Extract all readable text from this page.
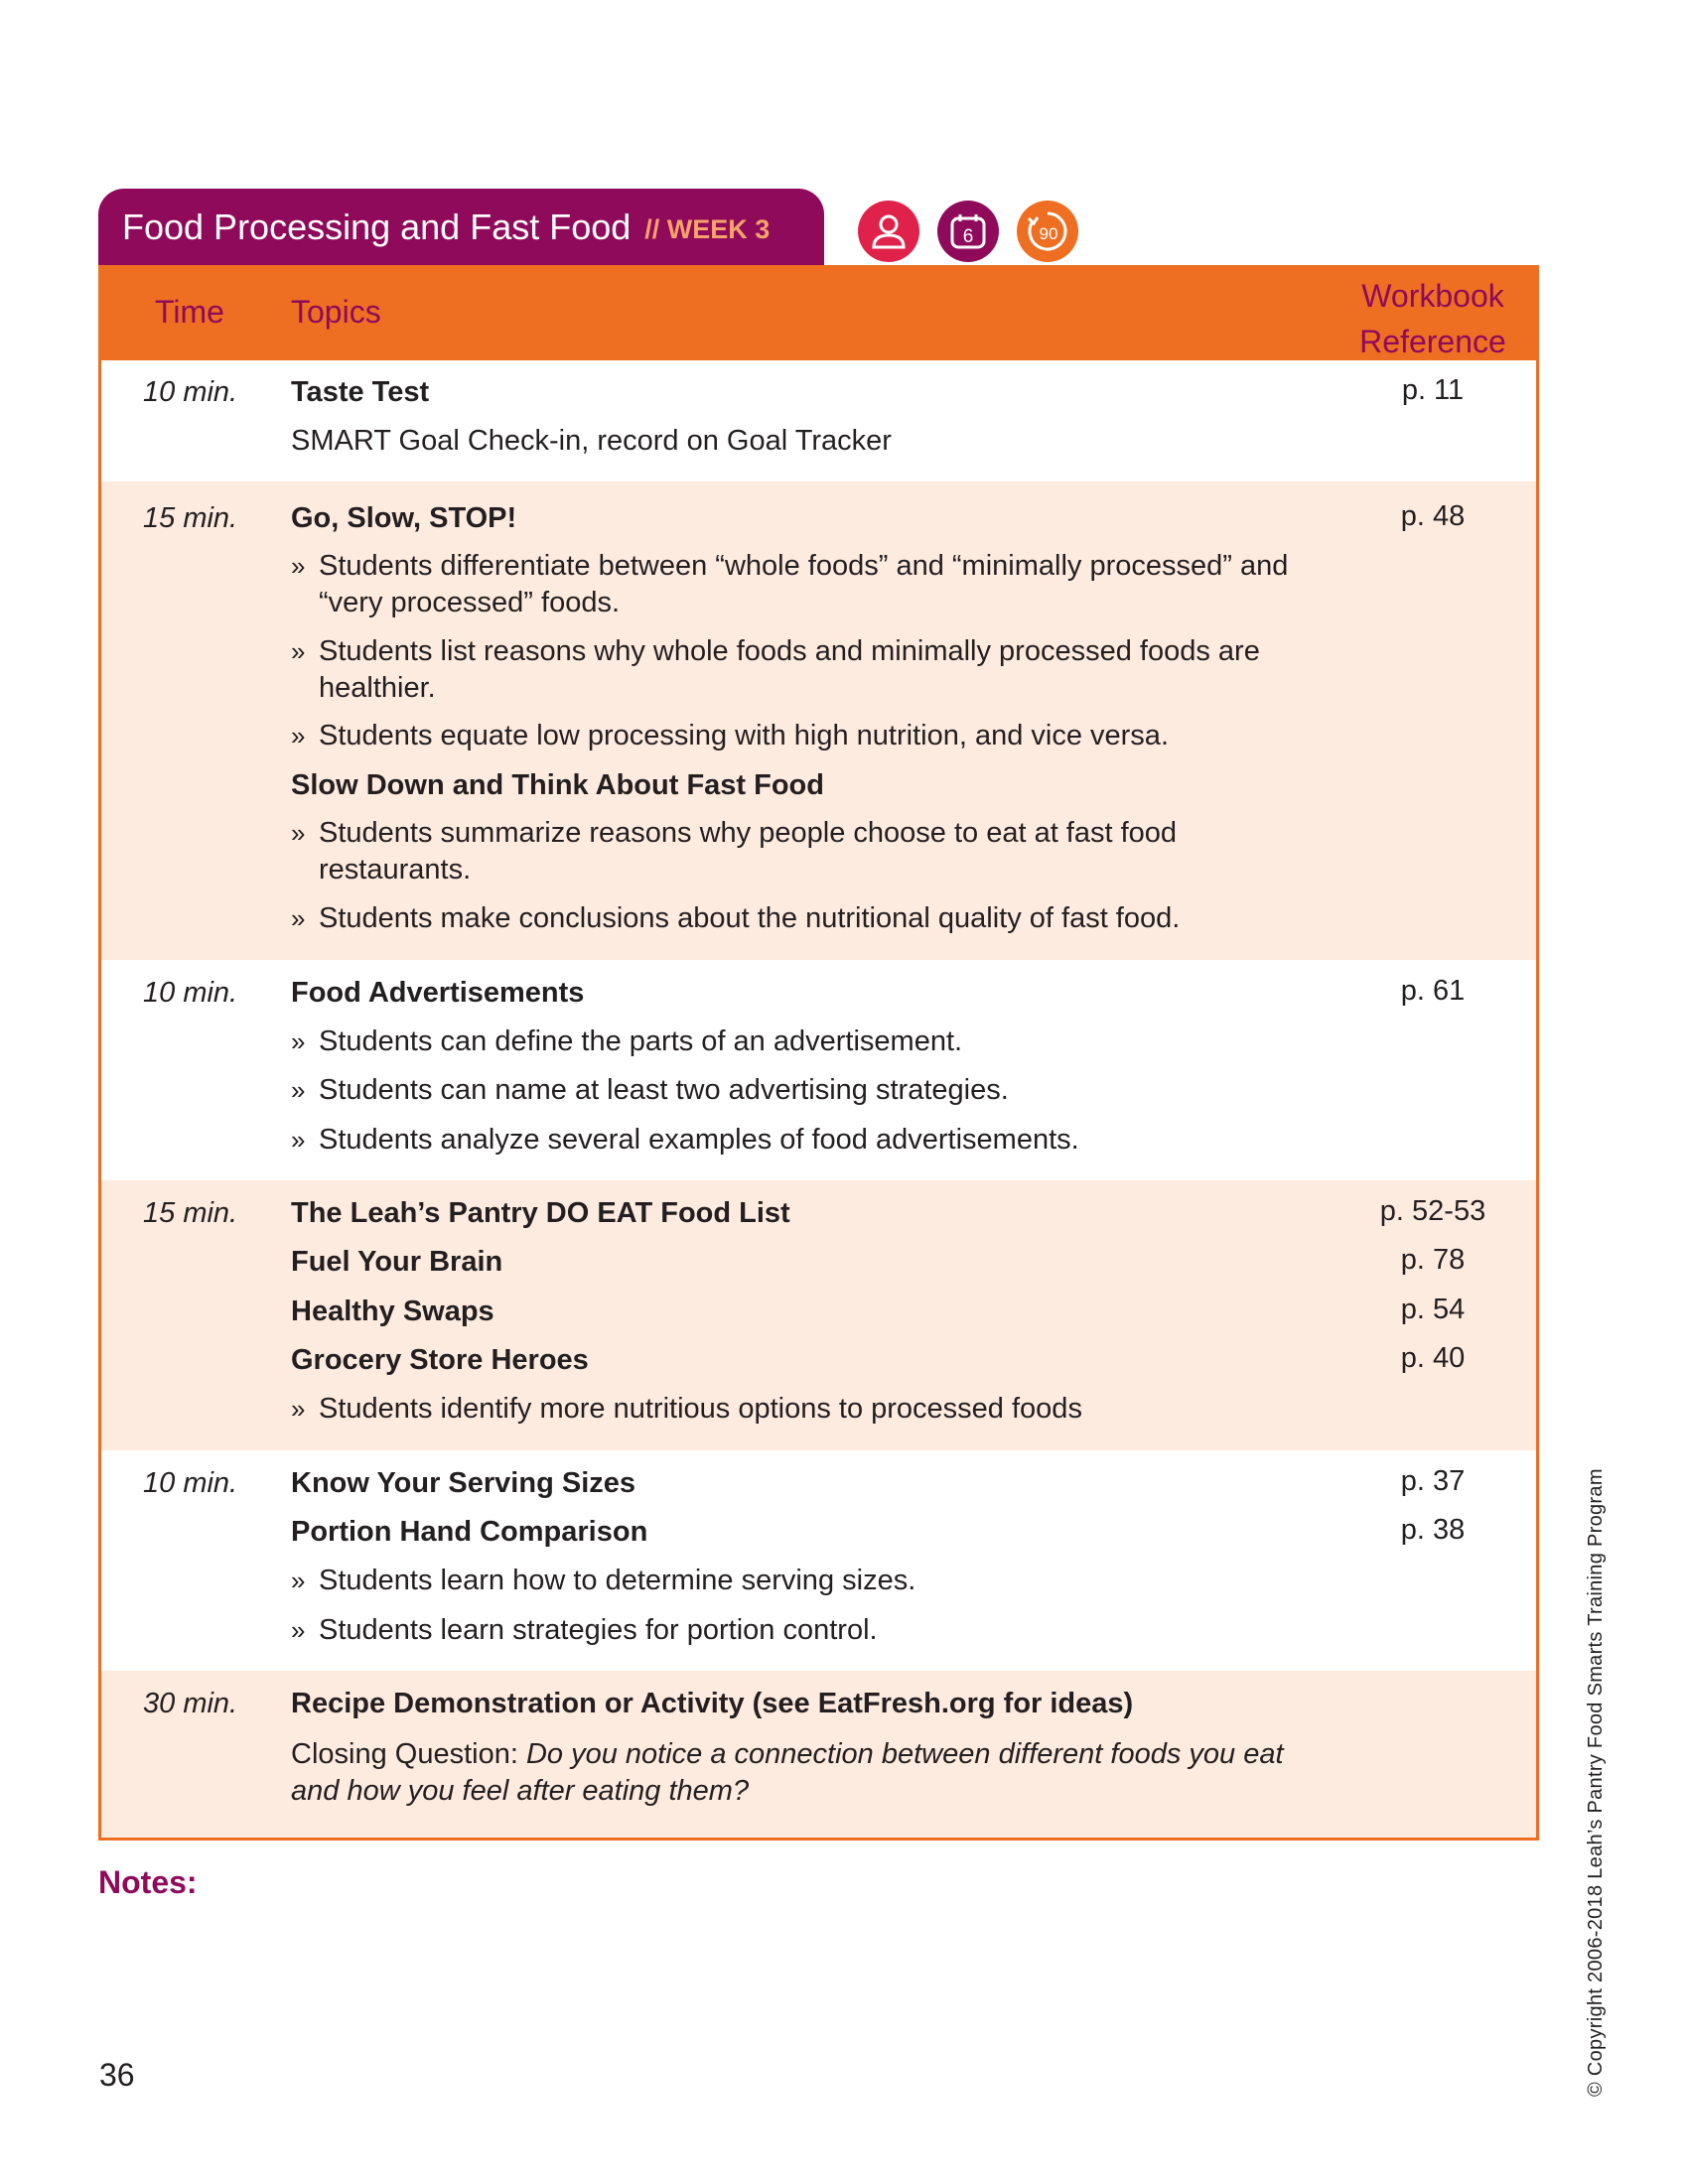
Food Processing and Fast Food // WEEK 3	6	90
Time Topics	Workbook
Reference
10 min. Taste Test	p. 11
SMART Goal Check-in, record on Goal Tracker
15 min. Go, Slow, STOP!	p. 48
» Students differentiate between “whole foods” and “minimally processed” and “very processed” foods.
» Students list reasons why whole foods and minimally processed foods are healthier.
» Students equate low processing with high nutrition, and vice versa.
Slow Down and Think About Fast Food
» Students summarize reasons why people choose to eat at fast food restaurants.
» Students make conclusions about the nutritional quality of fast food.
10 min. Food Advertisements	p. 61
» Students can define the parts of an advertisement.
» Students can name at least two advertising strategies.
» Students analyze several examples of food advertisements.
15 min. The Leah’s Pantry DO EAT Food List	p. 52-53
Fuel Your Brain	p. 78
Healthy Swaps	p. 54
Grocery Store Heroes	p. 40
» Students identify more nutritious options to processed foods
10 min. Know Your Serving Sizes	p. 37
Portion Hand Comparison	p. 38
» Students learn how to determine serving sizes.
» Students learn strategies for portion control.
30 min. Recipe Demonstration or Activity (see EatFresh.org for ideas)
Closing Question: Do you notice a connection between different foods you eat and how you feel after eating them?
Notes:
36	© Copyright 2006-2018 Leah’s Pantry Food Smarts Training Program
